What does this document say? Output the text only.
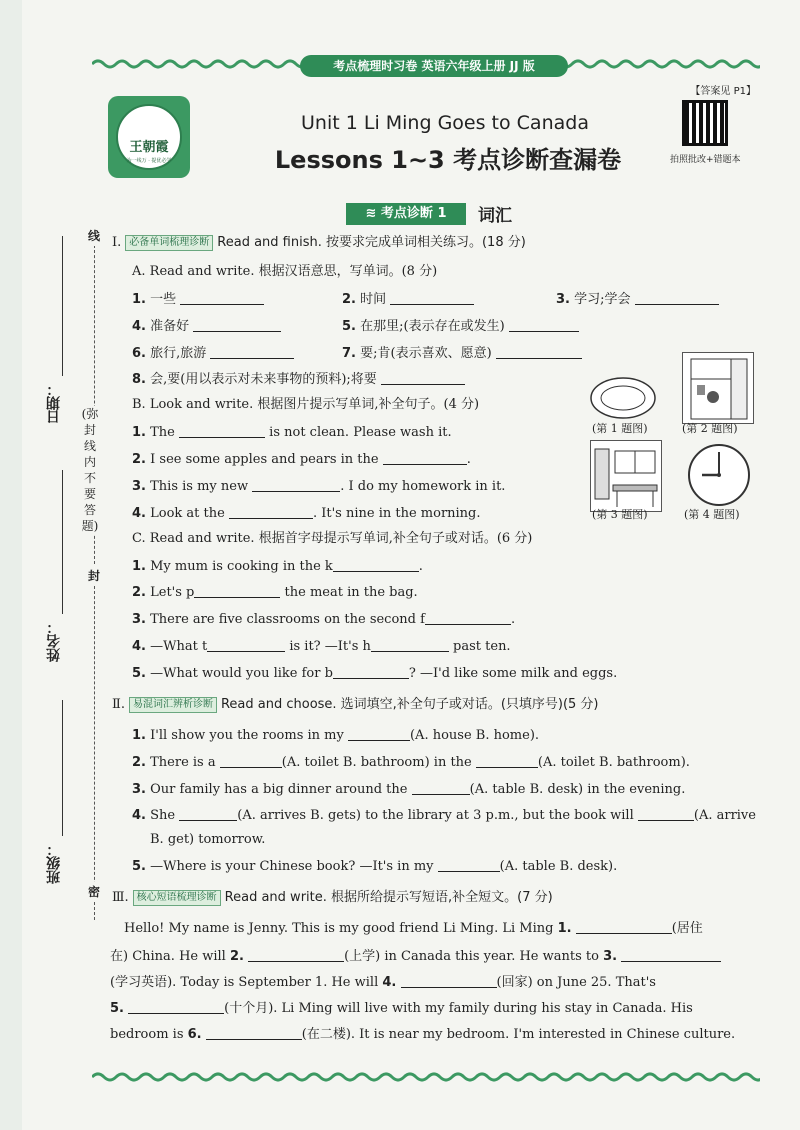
日期：
姓名：
班级：
线
(弥封线内不要答题)
封
密
考点梳理时习卷 英语六年级上册 JJ 版
【答案见 P1】
王朝霞
为一线万 · 提优必学
Unit 1 Li Ming Goes to Canada
Lessons 1~3 考点诊断查漏卷	拍照批改+错题本
≋ 考点诊断 1	词汇
Ⅰ. 必备单词梳理诊断 Read and finish. 按要求完成单词相关练习。(18 分)
A. Read and write. 根据汉语意思，写单词。(8 分)
1. 一些	2. 时间	3. 学习;学会
4. 准备好	5. 在那里;(表示存在或发生)
6. 旅行,旅游	7. 要;肯(表示喜欢、愿意)
8. 会,要(用以表示对未来事物的预料);将要
B. Look and write. 根据图片提示写单词,补全句子。(4 分)
1. The	is not clean. Please wash it.
2. I see some apples and pears in the	.
3. This is my new	. I do my homework in it.
4. Look at the	. It's nine in the morning.
(第 1 题图)	(第 2 题图)
(第 3 题图)	(第 4 题图)
C. Read and write. 根据首字母提示写单词,补全句子或对话。(6 分)
1. My mum is cooking in the k	.
2. Let's p	the meat in the bag.
3. There are five classrooms on the second f	.
4. —What t	is it? —It's h	past ten.
5. —What would you like for b	? —I'd like some milk and eggs.
Ⅱ. 易混词汇辨析诊断 Read and choose. 选词填空,补全句子或对话。(只填序号)(5 分)
1. I'll show you the rooms in my	(A. house B. home).
2. There is a	(A. toilet B. bathroom) in the	(A. toilet B. bathroom).
3. Our family has a big dinner around the	(A. table B. desk) in the evening.
4. She	(A. arrives B. gets) to the library at 3 p.m., but the book will	(A. arrive
B. get) tomorrow.
5. —Where is your Chinese book? —It's in my	(A. table B. desk).
Ⅲ. 核心短语梳理诊断 Read and write. 根据所给提示写短语,补全短文。(7 分)
Hello! My name is Jenny. This is my good friend Li Ming. Li Ming 1.	(居住
在) China. He will 2.	(上学) in Canada this year. He wants to 3.
(学习英语). Today is September 1. He will 4.	(回家) on June 25. That's
5.	(十个月). Li Ming will live with my family during his stay in Canada. His
bedroom is 6.	(在二楼). It is near my bedroom. I'm interested in Chinese culture.
